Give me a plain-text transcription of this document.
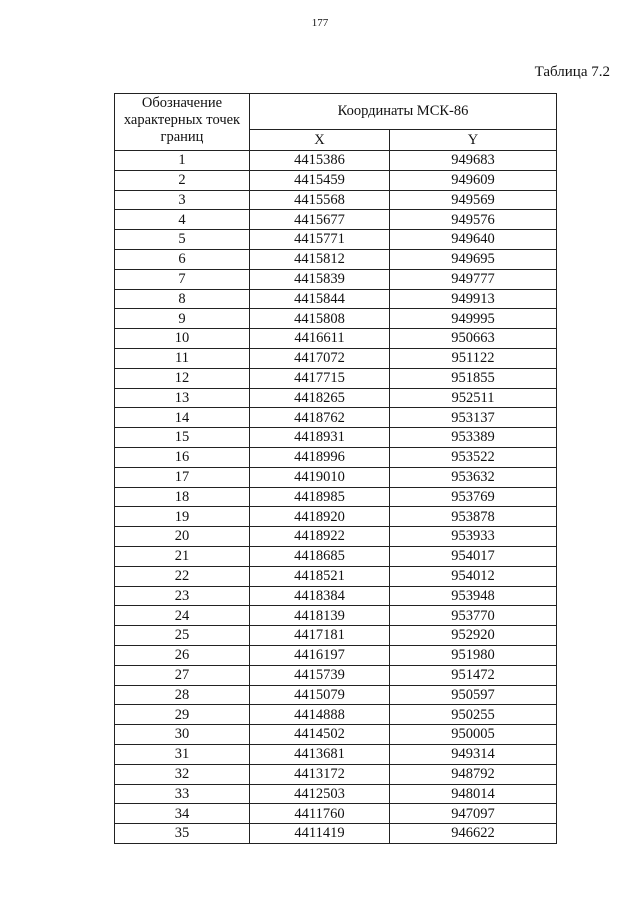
177
Таблица 7.2
Обозначение характерных точек границ	Координаты МСК-86	
	X	Y
1	4415386	949683
2	4415459	949609
3	4415568	949569
4	4415677	949576
5	4415771	949640
6	4415812	949695
7	4415839	949777
8	4415844	949913
9	4415808	949995
10	4416611	950663
11	4417072	951122
12	4417715	951855
13	4418265	952511
14	4418762	953137
15	4418931	953389
16	4418996	953522
17	4419010	953632
18	4418985	953769
19	4418920	953878
20	4418922	953933
21	4418685	954017
22	4418521	954012
23	4418384	953948
24	4418139	953770
25	4417181	952920
26	4416197	951980
27	4415739	951472
28	4415079	950597
29	4414888	950255
30	4414502	950005
31	4413681	949314
32	4413172	948792
33	4412503	948014
34	4411760	947097
35	4411419	946622
